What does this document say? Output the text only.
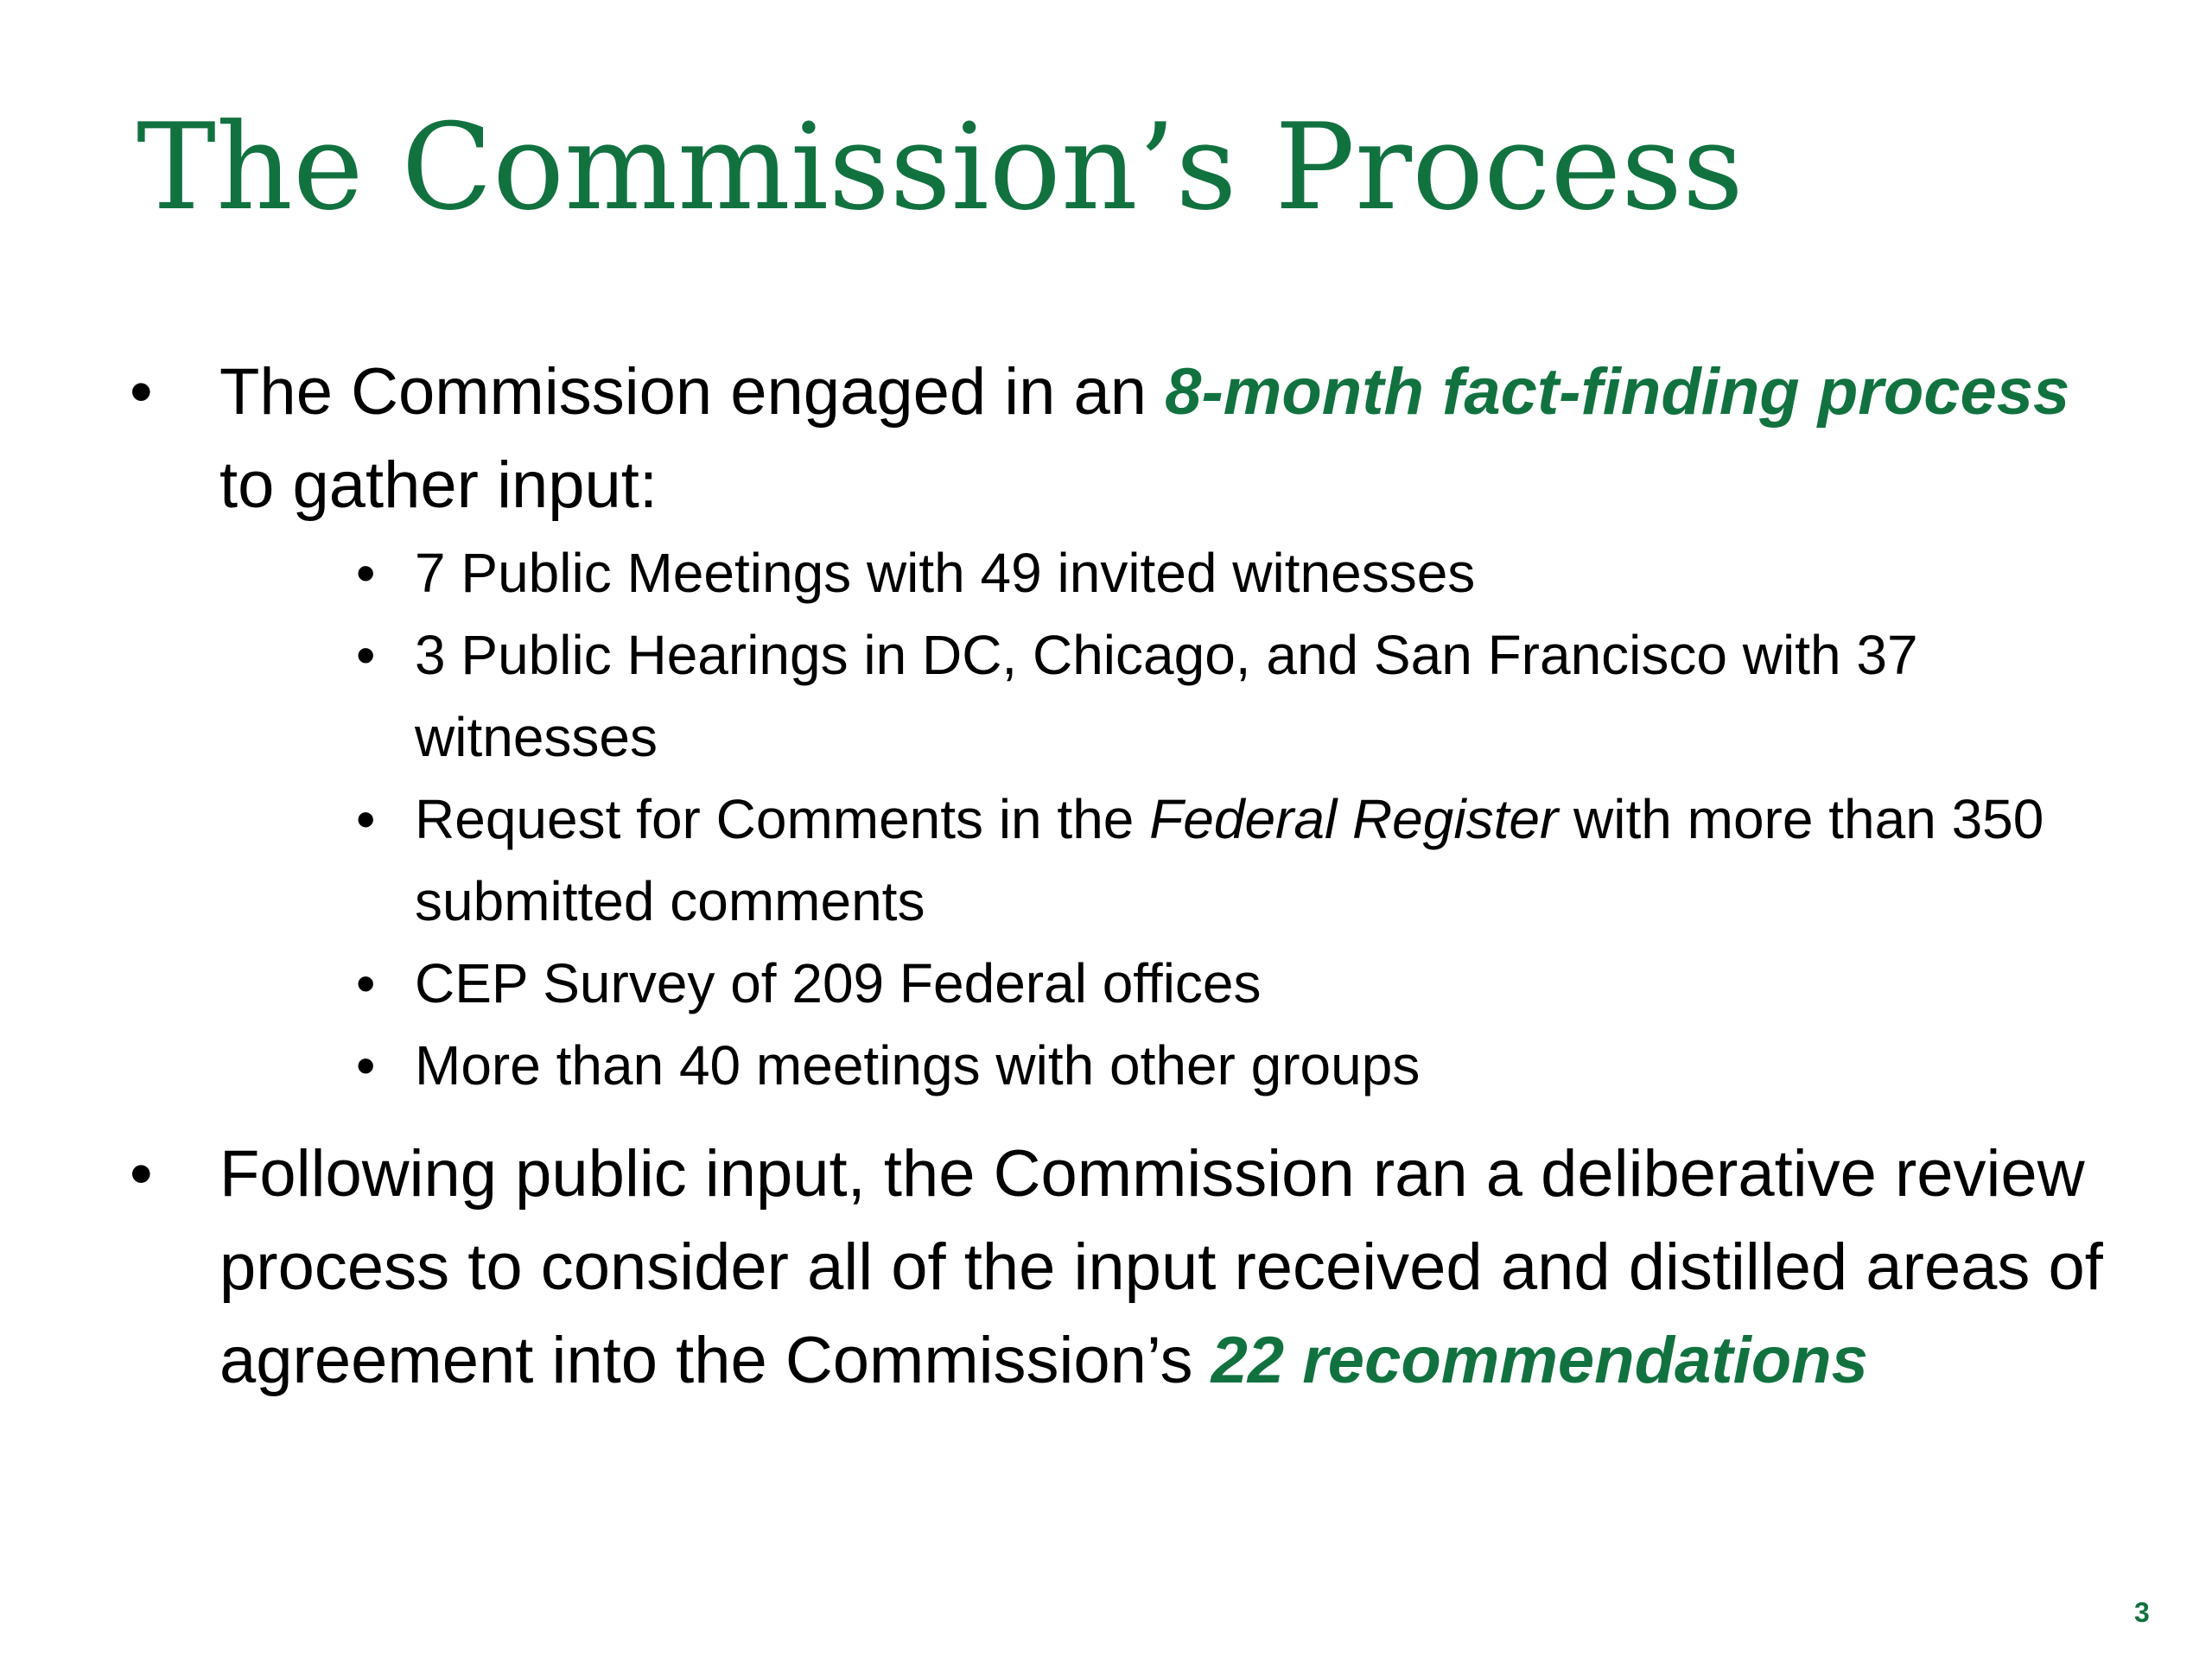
The Commission’s Process
• The Commission engaged in an 8-month fact-finding process to gather input:
• 7 Public Meetings with 49 invited witnesses
• 3 Public Hearings in DC, Chicago, and San Francisco with 37 witnesses
• Request for Comments in the Federal Register with more than 350 submitted comments
• CEP Survey of 209 Federal offices
• More than 40 meetings with other groups
• Following public input, the Commission ran a deliberative review process to consider all of the input received and distilled areas of agreement into the Commission’s 22 recommendations
3
